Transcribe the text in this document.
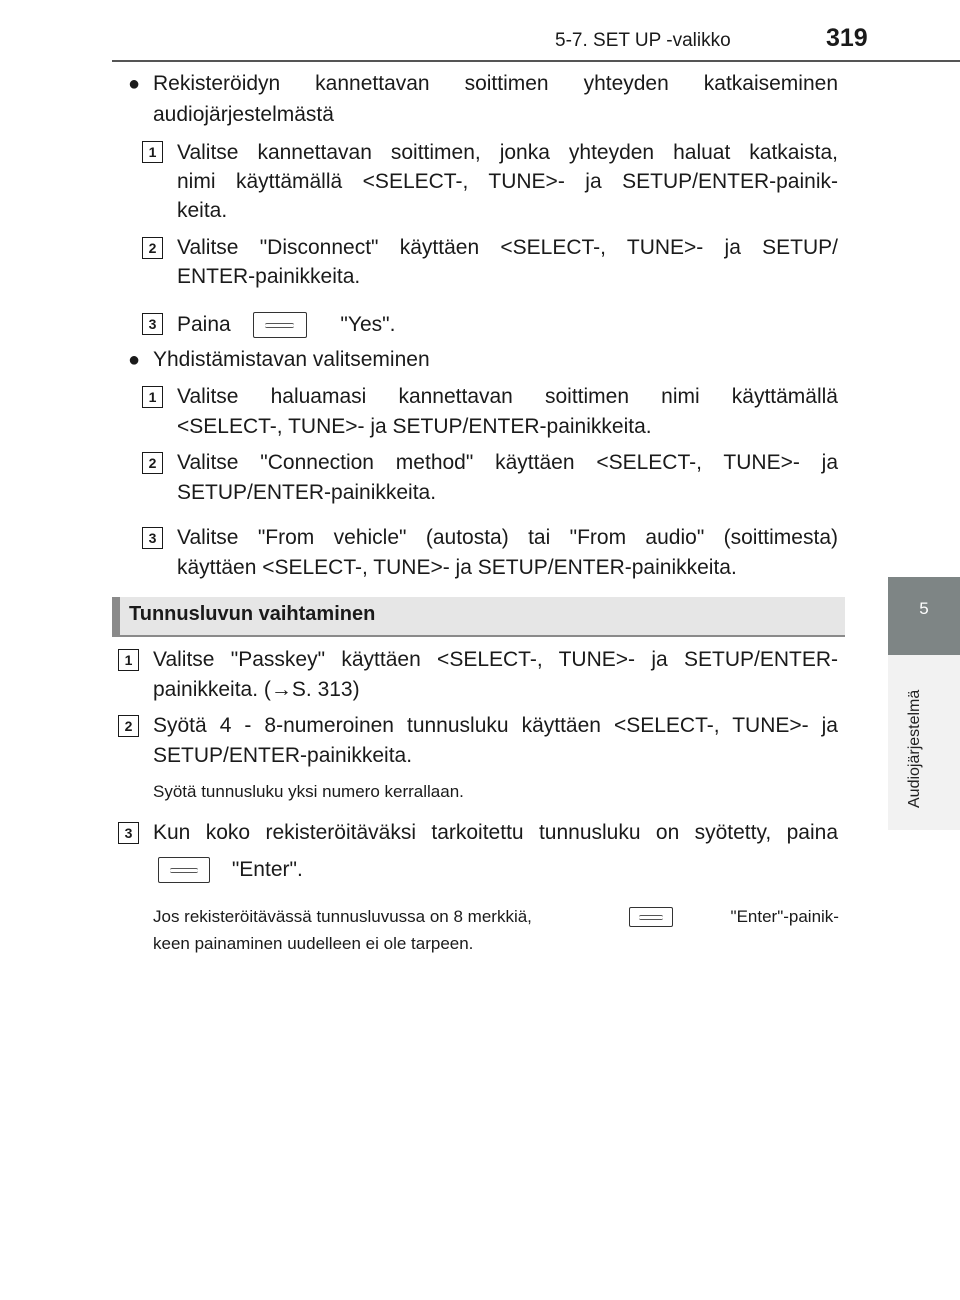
5-7. SET UP -valikko	319
5
Audiojärjestelmä
● Rekisteröidyn kannettavan soittimen yhteyden katkaiseminen
audiojärjestelmästä
1 Valitse kannettavan soittimen, jonka yhteyden haluat katkaista,
nimi käyttämällä <SELECT-, TUNE>- ja SETUP/ENTER-painik-
keita.
2 Valitse "Disconnect" käyttäen <SELECT-, TUNE>- ja SETUP/
ENTER-painikkeita.
3 Paina	"Yes".
● Yhdistämistavan valitseminen
1 Valitse haluamasi kannettavan soittimen nimi käyttämällä
<SELECT-, TUNE>- ja SETUP/ENTER-painikkeita.
2 Valitse "Connection method" käyttäen <SELECT-, TUNE>- ja
SETUP/ENTER-painikkeita.
3 Valitse "From vehicle" (autosta) tai "From audio" (soittimesta)
käyttäen <SELECT-, TUNE>- ja SETUP/ENTER-painikkeita.
Tunnusluvun vaihtaminen
1 Valitse "Passkey" käyttäen <SELECT-, TUNE>- ja SETUP/ENTER-
painikkeita. (→S. 313)
2 Syötä 4 - 8-numeroinen tunnusluku käyttäen <SELECT-, TUNE>- ja
SETUP/ENTER-painikkeita.
Syötä tunnusluku yksi numero kerrallaan.
3 Kun koko rekisteröitäväksi tarkoitettu tunnusluku on syötetty, paina
"Enter".
Jos rekisteröitävässä tunnusluvussa on 8 merkkiä,	"Enter"-painik-
keen painaminen uudelleen ei ole tarpeen.
